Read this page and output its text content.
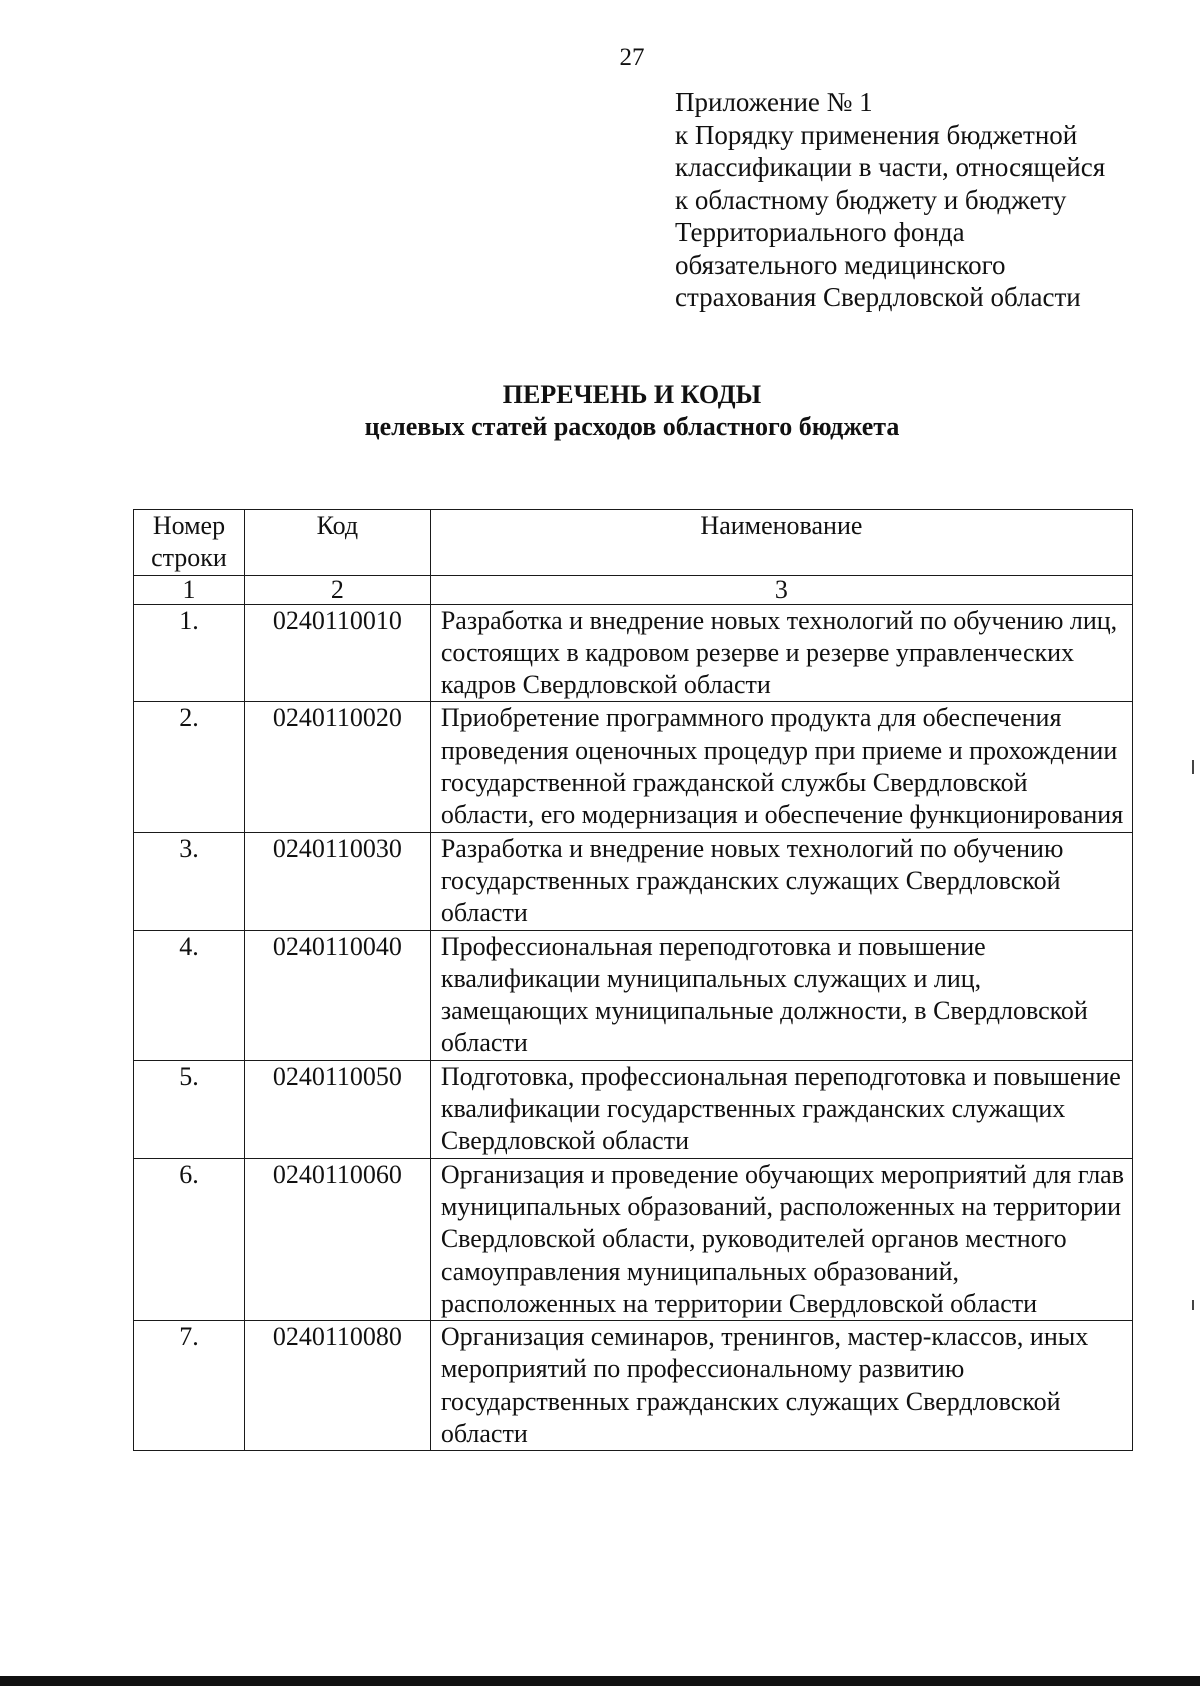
27
Приложение № 1
к Порядку применения бюджетной
классификации в части, относящейся
к областному бюджету и бюджету
Территориального фонда
обязательного медицинского
страхования Свердловской области
ПЕРЕЧЕНЬ И КОДЫ
целевых статей расходов областного бюджета
Номер
строки	Код	Наименование
1	2	3
1.	0240110010	Разработка и внедрение новых технологий по обучению лиц, состоящих в кадровом резерве и резерве управленческих кадров Свердловской области
2.	0240110020	Приобретение программного продукта для обеспечения проведения оценочных процедур при приеме и прохождении государственной гражданской службы Свердловской области, его модернизация и обеспечение функционирования
3.	0240110030	Разработка и внедрение новых технологий по обучению государственных гражданских служащих Свердловской области
4.	0240110040	Профессиональная переподготовка и повышение квалификации муниципальных служащих и лиц, замещающих муниципальные должности, в Свердловской области
5.	0240110050	Подготовка, профессиональная переподготовка и повышение квалификации государственных гражданских служащих Свердловской области
6.	0240110060	Организация и проведение обучающих мероприятий для глав муниципальных образований, расположенных на территории Свердловской области, руководителей органов местного самоуправления муниципальных образований, расположенных на территории Свердловской области
7.	0240110080	Организация семинаров, тренингов, мастер-классов, иных мероприятий по профессиональному развитию государственных гражданских служащих Свердловской области
